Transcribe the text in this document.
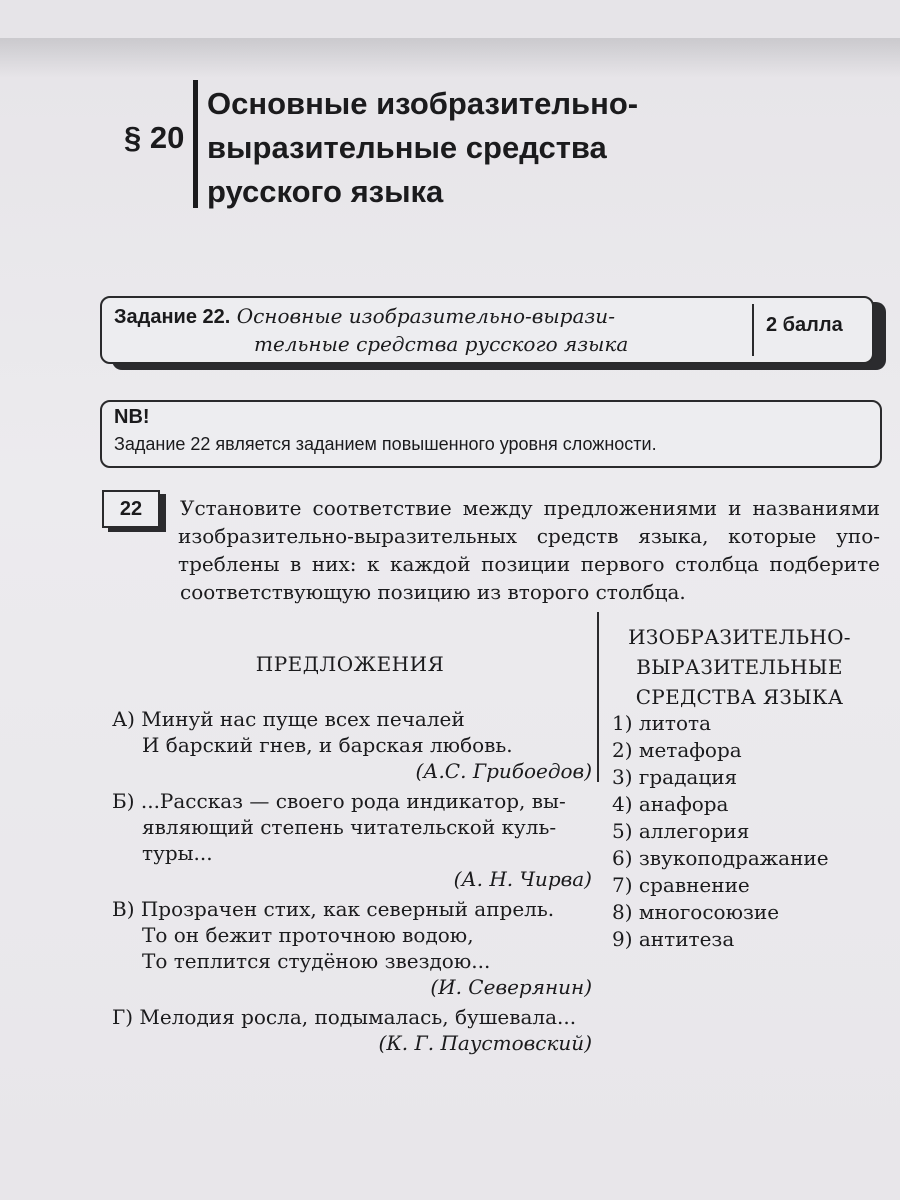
§ 20
Основные изобразительно-
выразительные средства
русского языка
Задание 22. Основные изобразительно-вырази-
тельные средства русского языка
2 балла
NB!
Задание 22 является заданием повышенного уровня сложности.
22	Установите соответствие между предложениями и названиями
изобразительно-выразительных средств языка, которые упо-
треблены в них: к каждой позиции первого столбца подберите
соответствующую позицию из второго столбца.

ПРЕДЛОЖЕНИЯ
ИЗОБРАЗИТЕЛЬНО-
ВЫРАЗИТЕЛЬНЫЕ
СРЕДСТВА ЯЗЫКА
А) Минуй нас пуще всех печалей
И барский гнев, и барская любовь.
(А.С. Грибоедов)
Б) ...Рассказ — своего рода индикатор, вы-
являющий степень читательской куль-
туры...
(А. Н. Чирва)
В) Прозрачен стих, как северный апрель.
То он бежит проточною водою,
То теплится студёною звездою...
(И. Северянин)
Г) Мелодия росла, подымалась, бушевала...
(К. Г. Паустовский)
1) литота
2) метафора
3) градация
4) анафора
5) аллегория
6) звукоподражание
7) сравнение
8) многосоюзие
9) антитеза
